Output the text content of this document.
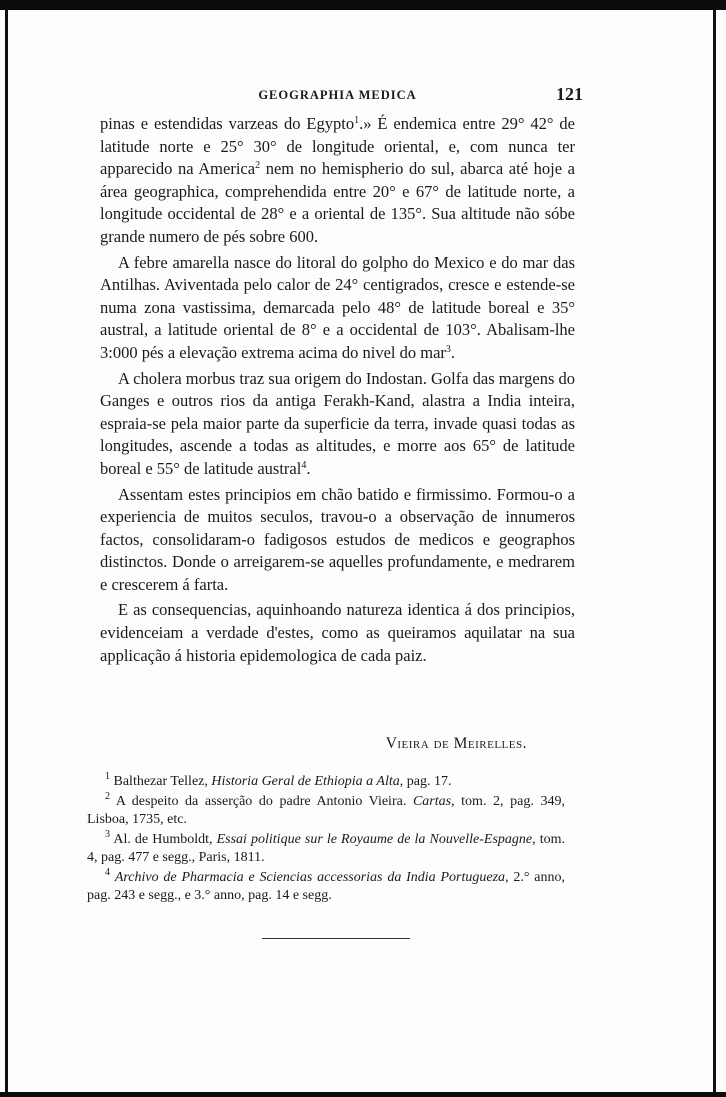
GEOGRAPHIA MEDICA	121

pinas e estendidas varzeas do Egypto$^1$.» É endemica entre 29° 42° de latitude norte e 25° 30° de longitude oriental, e, com nunca ter apparecido na America$^2$ nem no hemispherio do sul, abarca até hoje a área geographica, comprehendida entre 20° e 67° de latitude norte, a longitude occidental de 28° e a oriental de 135°. Sua altitude não sóbe grande numero de pés sobre 600.

A febre amarella nasce do litoral do golpho do Mexico e do mar das Antilhas. Aviventada pelo calor de 24° centigrados, cresce e estende-se numa zona vastissima, demarcada pelo 48° de latitude boreal e 35° austral, a latitude oriental de 8° e a occidental de 103°. Abalisam-lhe 3:000 pés a elevação extrema acima do nivel do mar$^3$.

A cholera morbus traz sua origem do Indostan. Golfa das margens do Ganges e outros rios da antiga Ferakh-Kand, alastra a India inteira, espraia-se pela maior parte da superficie da terra, invade quasi todas as longitudes, ascende a todas as altitudes, e morre aos 65° de latitude boreal e 55° de latitude austral$^4$.

Assentam estes principios em chão batido e firmissimo. Formou-o a experiencia de muitos seculos, travou-o a observação de innumeros factos, consolidaram-o fadigosos estudos de medicos e geographos distinctos. Donde o arreigarem-se aquelles profundamente, e medrarem e crescerem á farta.

E as consequencias, aquinhoando natureza identica á dos principios, evidenceiam a verdade d'estes, como as queiramos aquilatar na sua applicação á historia epidemologica de cada paiz.

Vieira de Meirelles.

$^1$ Balthezar Tellez, Historia Geral de Ethiopia a Alta, pag. 17.

$^2$ A despeito da asserção do padre Antonio Vieira. Cartas, tom. 2, pag. 349, Lisboa, 1735, etc.

$^3$ Al. de Humboldt, Essai politique sur le Royaume de la Nouvelle-Espagne, tom. 4, pag. 477 e segg., Paris, 1811.

$^4$ Archivo de Pharmacia e Sciencias accessorias da India Portugueza, 2.° anno, pag. 243 e segg., e 3.° anno, pag. 14 e segg.
